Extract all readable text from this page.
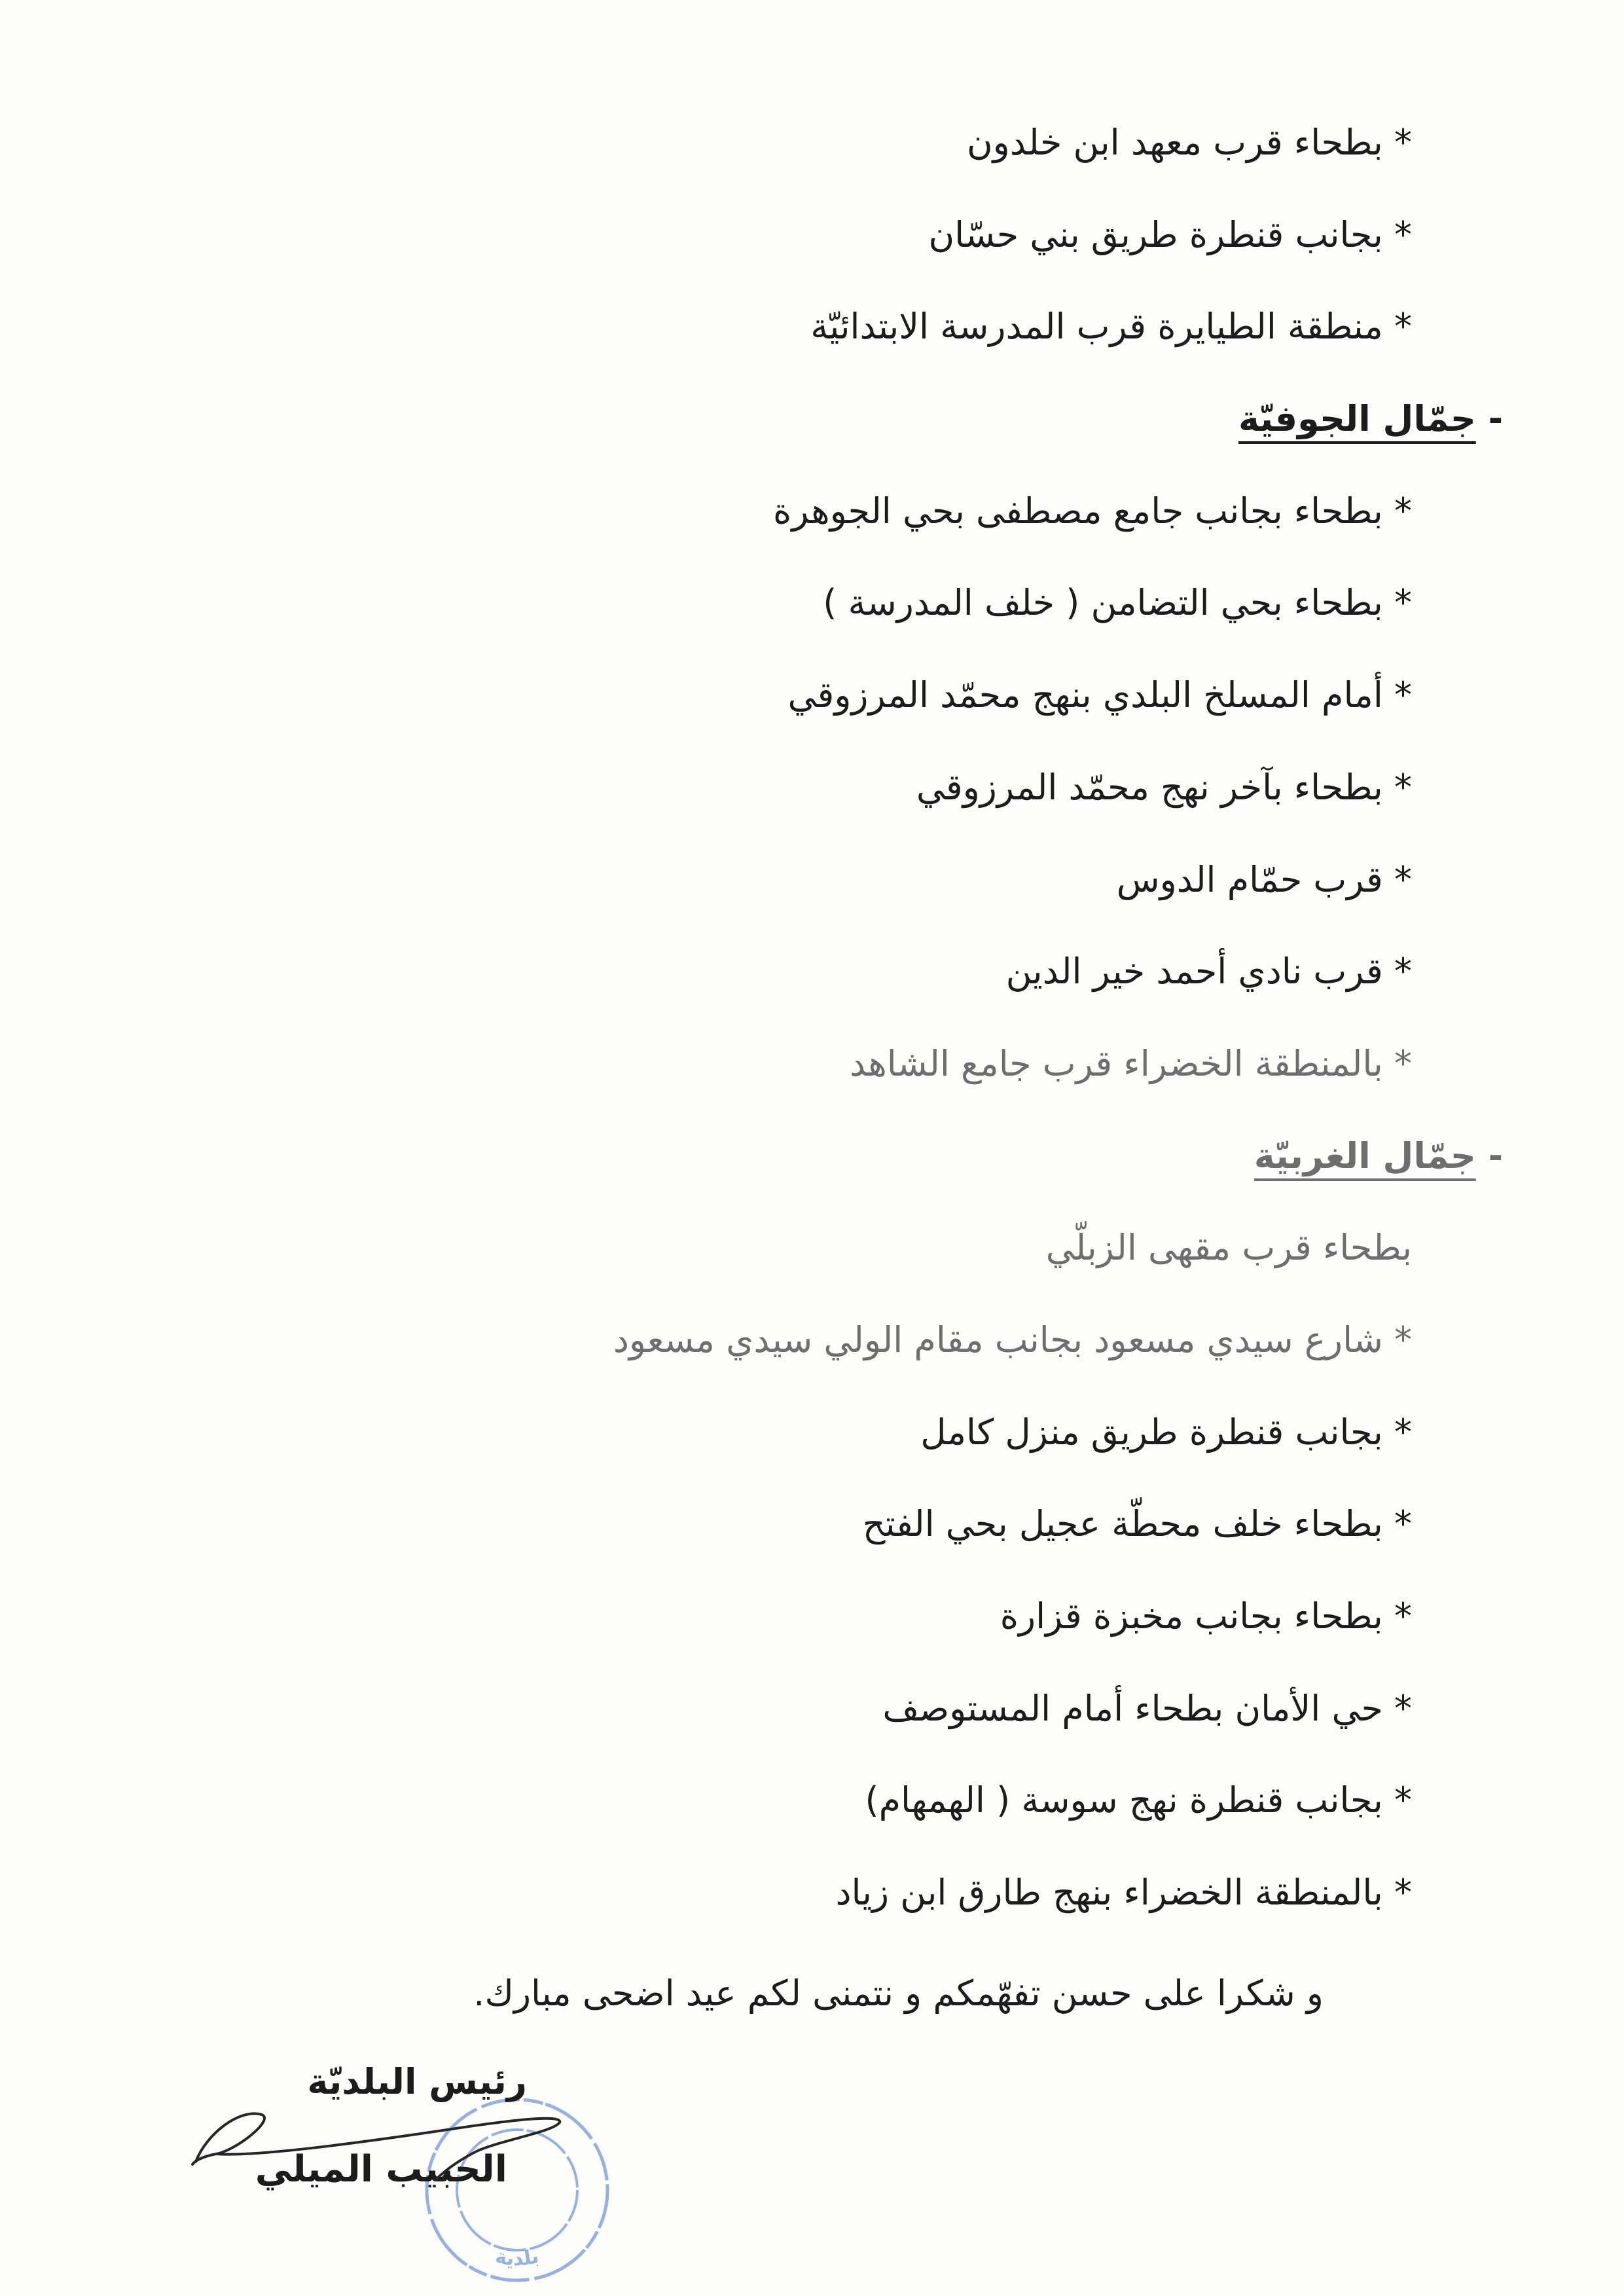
* بطحاء قرب معهد ابن خلدون
* بجانب قنطرة طريق بني حسّان
* منطقة الطيايرة قرب المدرسة الابتدائيّة
- جمّال الجوفيّة
* بطحاء بجانب جامع مصطفى بحي الجوهرة
* بطحاء بحي التضامن ( خلف المدرسة )
* أمام المسلخ البلدي بنهج محمّد المرزوقي
* بطحاء بآخر نهج محمّد المرزوقي
* قرب حمّام الدوس
* قرب نادي أحمد خير الدين
* بالمنطقة الخضراء قرب جامع الشاهد
- جمّال الغربيّة
بطحاء قرب مقهى الزبلّي
* شارع سيدي مسعود بجانب مقام الولي سيدي مسعود
* بجانب قنطرة طريق منزل كامل
* بطحاء خلف محطّة عجيل بحي الفتح
* بطحاء بجانب مخبزة قزارة
* حي الأمان بطحاء أمام المستوصف
* بجانب قنطرة نهج سوسة ( الهمهام)
* بالمنطقة الخضراء بنهج طارق ابن زياد
و شكرا على حسن تفهّمكم و نتمنى لكم عيد اضحى مبارك.
بلدية
رئيس البلديّة
الحبيب الميلي
